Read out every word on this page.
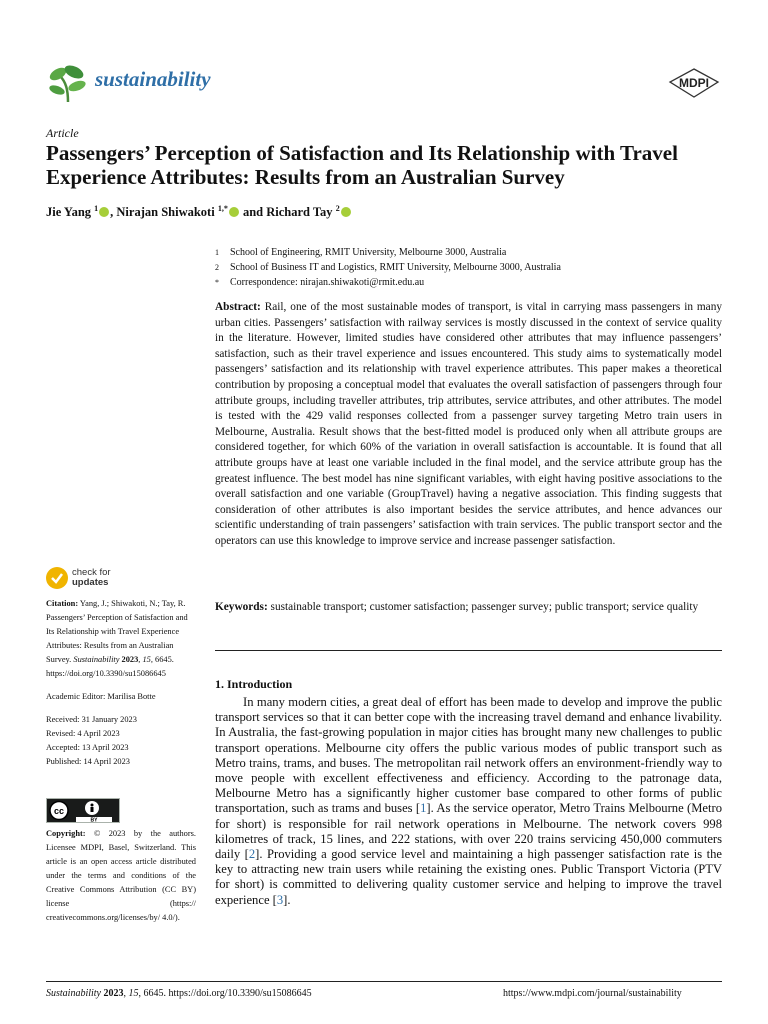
sustainability	MDPI
Article
Passengers’ Perception of Satisfaction and Its Relationship with Travel Experience Attributes: Results from an Australian Survey
Jie Yang $^1$ , Nirajan Shiwakoti $^{1,*}$ and Richard Tay $^2$
1	School of Engineering, RMIT University, Melbourne 3000, Australia
2	School of Business IT and Logistics, RMIT University, Melbourne 3000, Australia
*	Correspondence: nirajan.shiwakoti@rmit.edu.au
Abstract: Rail, one of the most sustainable modes of transport, is vital in carrying mass passengers in many urban cities. Passengers’ satisfaction with railway services is mostly discussed in the context of service quality in the literature. However, limited studies have considered other attributes that may influence passengers’ satisfaction, such as their travel experience and issues encountered. This study aims to systematically model passengers’ satisfaction and its relationship with travel experience attributes. This paper makes a theoretical contribution by proposing a conceptual model that evaluates the overall satisfaction of passengers through four attribute groups, including traveller attributes, trip attributes, service attributes, and other attributes. The model is tested with the 429 valid responses collected from a passenger survey targeting Metro train users in Melbourne, Australia. Result shows that the best-fitted model is produced only when all attribute groups are considered together, for which 60% of the variation in overall satisfaction is accountable. It is found that all attribute groups have at least one variable included in the final model, and the service attribute group has the greatest influence. The best model has nine significant variables, with eight having positive associations to the overall satisfaction and one variable (GroupTravel) having a negative association. This finding suggests that consideration of other attributes is also important besides the service attributes, and hence advances our scientific understanding of train passengers’ satisfaction with train services. The public transport sector and the operators can use this knowledge to improve service and increase passenger satisfaction.
Keywords: sustainable transport; customer satisfaction; passenger survey; public transport; service quality
check for
updates
Citation: Yang, J.; Shiwakoti, N.; Tay, R. Passengers’ Perception of Satisfaction and Its Relationship with Travel Experience Attributes: Results from an Australian Survey. Sustainability 2023, 15, 6645. https://doi.org/10.3390/su15086645
Academic Editor: Marilisa Botte
Received: 31 January 2023
Revised: 4 April 2023
Accepted: 13 April 2023
Published: 14 April 2023
cc
BY
Copyright: © 2023 by the authors. Licensee MDPI, Basel, Switzerland. This article is an open access article distributed under the terms and conditions of the Creative Commons Attribution (CC BY) license (https:// creativecommons.org/licenses/by/ 4.0/).
1. Introduction
In many modern cities, a great deal of effort has been made to develop and improve the public transport services so that it can better cope with the increasing travel demand and enhance livability. In Australia, the fast-growing population in major cities has brought many new challenges to public transport operations. Melbourne city offers the public various modes of public transport such as Metro trains, trams, and buses. The metropolitan rail network offers an environment-friendly way to move people with excellent effectiveness and efficiency. According to the patronage data, Melbourne Metro has a significantly higher customer base compared to other forms of public transportation, such as trams and buses [1]. As the service operator, Metro Trains Melbourne (Metro for short) is responsible for rail network operations in Melbourne. The network covers 998 kilometres of track, 15 lines, and 222 stations, with over 220 trains servicing 450,000 commuters daily [2]. Providing a good service level and maintaining a high passenger satisfaction rate is the key to attracting new train users while retaining the existing ones. Public Transport Victoria (PTV for short) is committed to delivering quality customer service and helping to improve the travel experience [3].
Sustainability 2023, 15, 6645. https://doi.org/10.3390/su15086645	https://www.mdpi.com/journal/sustainability
